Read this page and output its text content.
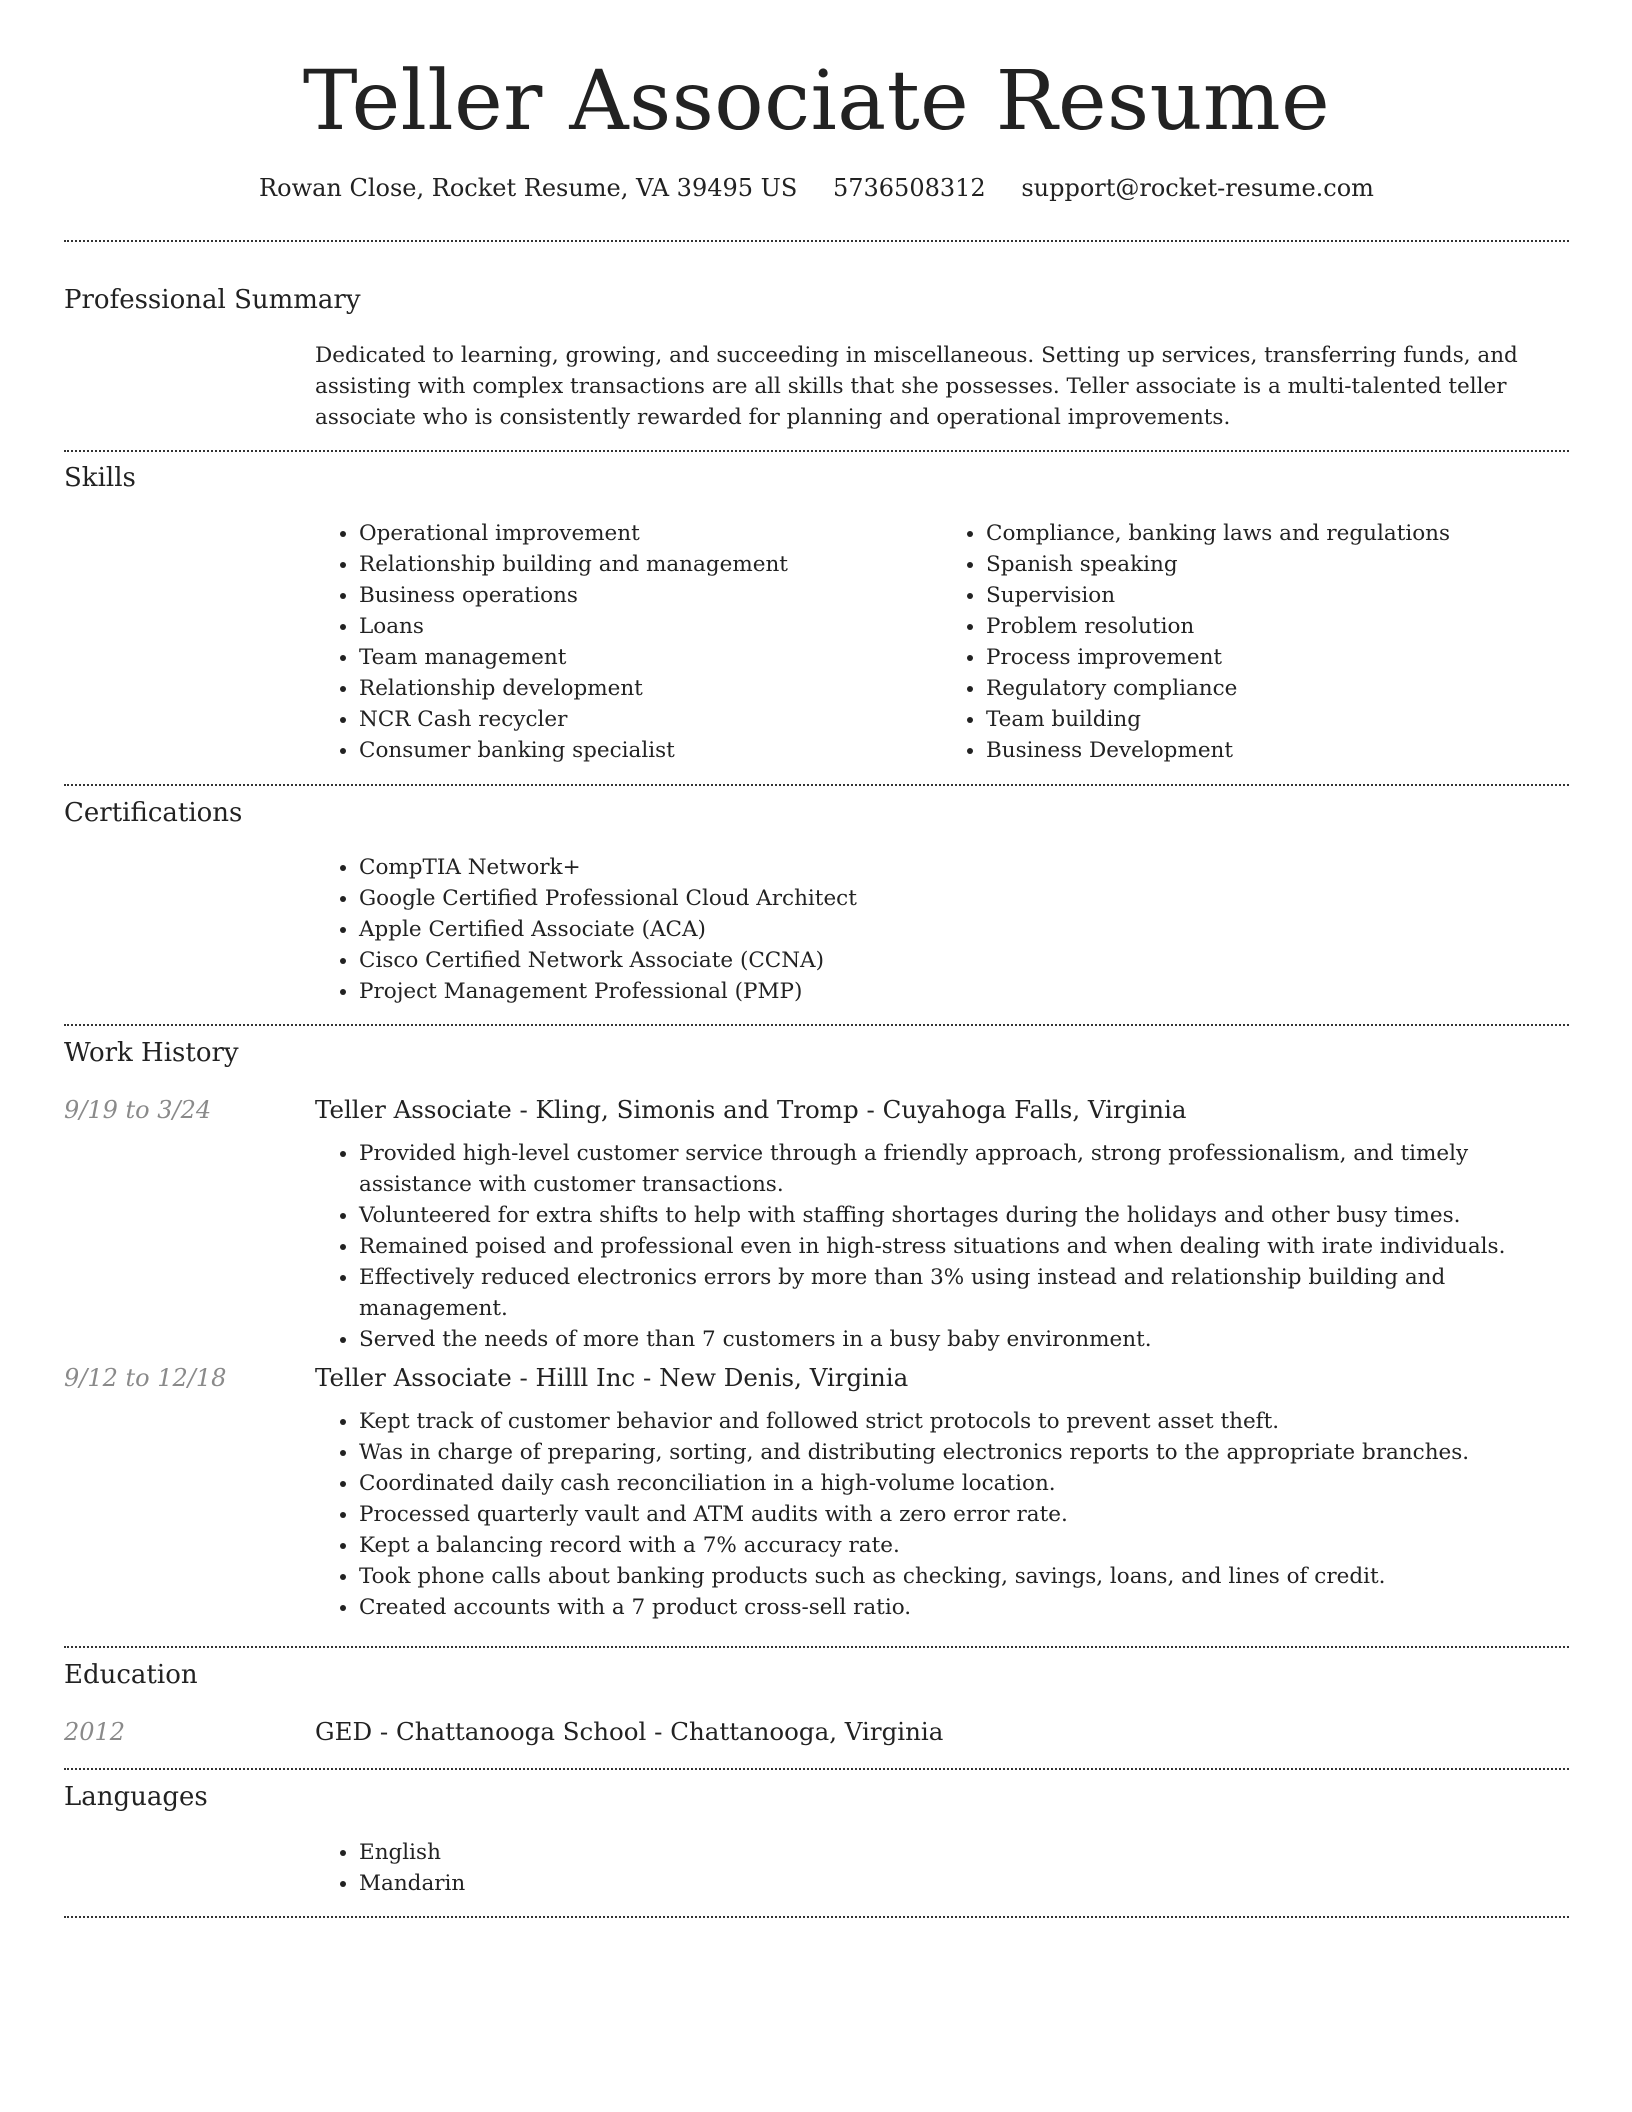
Teller Associate Resume
Rowan Close, Rocket Resume, VA 39495 US 5736508312 support@rocket-resume.com
Professional Summary

Dedicated to learning, growing, and succeeding in miscellaneous. Setting up services, transferring funds, and assisting with complex transactions are all skills that she possesses. Teller associate is a multi-talented teller associate who is consistently rewarded for planning and operational improvements.

Skills
• Operational improvement
• Relationship building and management
• Business operations
• Loans
• Team management
• Relationship development
• NCR Cash recycler
• Consumer banking specialist
• Compliance, banking laws and regulations
• Spanish speaking
• Supervision
• Problem resolution
• Process improvement
• Regulatory compliance
• Team building
• Business Development
Certifications
• CompTIA Network+
• Google Certified Professional Cloud Architect
• Apple Certified Associate (ACA)
• Cisco Certified Network Associate (CCNA)
• Project Management Professional (PMP)
Work History
9/19 to 3/24	Teller Associate - Kling, Simonis and Tromp - Cuyahoga Falls, Virginia
• Provided high-level customer service through a friendly approach, strong professionalism, and timely assistance with customer transactions.
• Volunteered for extra shifts to help with staffing shortages during the holidays and other busy times.
• Remained poised and professional even in high-stress situations and when dealing with irate individuals.
• Effectively reduced electronics errors by more than 3% using instead and relationship building and management.
• Served the needs of more than 7 customers in a busy baby environment.
9/12 to 12/18	Teller Associate - Hilll Inc - New Denis, Virginia
• Kept track of customer behavior and followed strict protocols to prevent asset theft.
• Was in charge of preparing, sorting, and distributing electronics reports to the appropriate branches.
• Coordinated daily cash reconciliation in a high-volume location.
• Processed quarterly vault and ATM audits with a zero error rate.
• Kept a balancing record with a 7% accuracy rate.
• Took phone calls about banking products such as checking, savings, loans, and lines of credit.
• Created accounts with a 7 product cross-sell ratio.
Education
2012	GED - Chattanooga School - Chattanooga, Virginia
Languages
• English
• Mandarin
